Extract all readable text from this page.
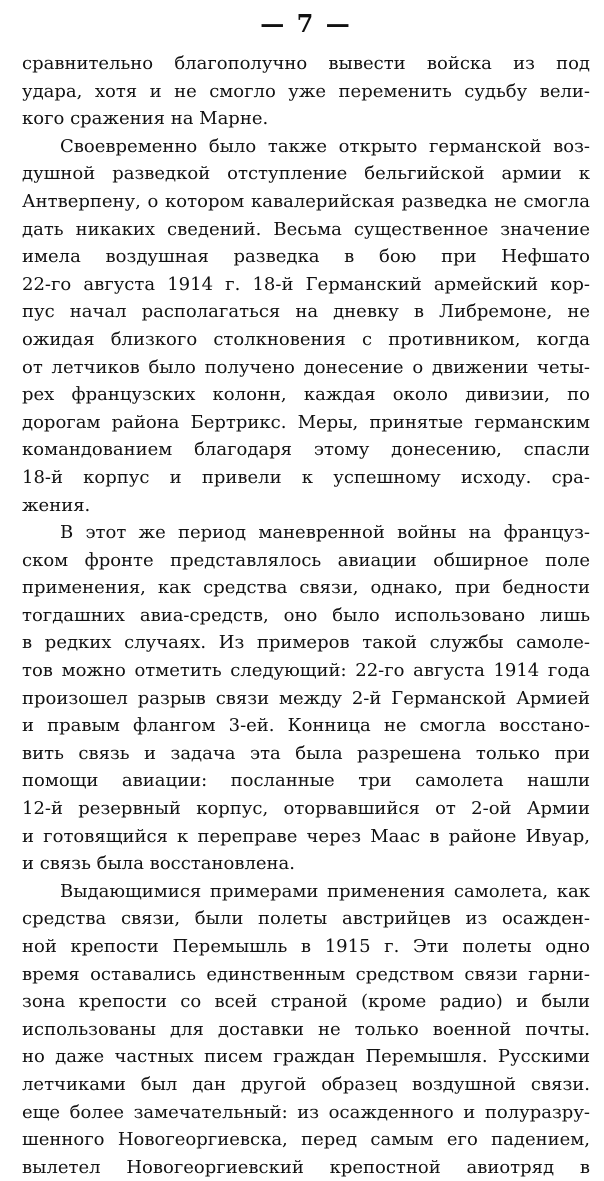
— 7 —
сравнительно благополучно вывести войска из под
удара, хотя и не смогло уже переменить судьбу вели-
кого сражения на Марне.
Своевременно было также открыто германской воз-
душной разведкой отступление бельгийской армии к
Антверпену, о котором кавалерийская разведка не смогла
дать никаких сведений. Весьма существенное значение
имела воздушная разведка в бою при Нефшато
22-го августа 1914 г. 18-й Германский армейский кор-
пус начал располагаться на дневку в Либремоне, не
ожидая близкого столкновения с противником, когда
от летчиков было получено донесение о движении четы-
рех французских колонн, каждая около дивизии, по
дорогам района Бертрикс. Меры, принятые германским
командованием благодаря этому донесению, спасли
18-й корпус и привели к успешному исходу. сра-
жения.
В этот же период маневренной войны на француз-
ском фронте представлялось авиации обширное поле
применения, как средства связи, однако, при бедности
тогдашних авиа-средств, оно было использовано лишь
в редких случаях. Из примеров такой службы самоле-
тов можно отметить следующий: 22-го августа 1914 года
произошел разрыв связи между 2-й Германской Армией
и правым флангом 3-ей. Конница не смогла восстано-
вить связь и задача эта была разрешена только при
помощи авиации: посланные три самолета нашли
12-й резервный корпус, оторвавшийся от 2-ой Армии
и готовящийся к переправе через Маас в районе Ивуар,
и связь была восстановлена.
Выдающимися примерами применения самолета, как
средства связи, были полеты австрийцев из осажден-
ной крепости Перемышль в 1915 г. Эти полеты одно
время оставались единственным средством связи гарни-
зона крепости со всей страной (кроме радио) и были
использованы для доставки не только военной почты.
но даже частных писем граждан Перемышля. Русскими
летчиками был дан другой образец воздушной связи.
еще более замечательный: из осажденного и полуразру-
шенного Новогеоргиевска, перед самым его падением,
вылетел Новогеоргиевский крепостной авиотряд в
